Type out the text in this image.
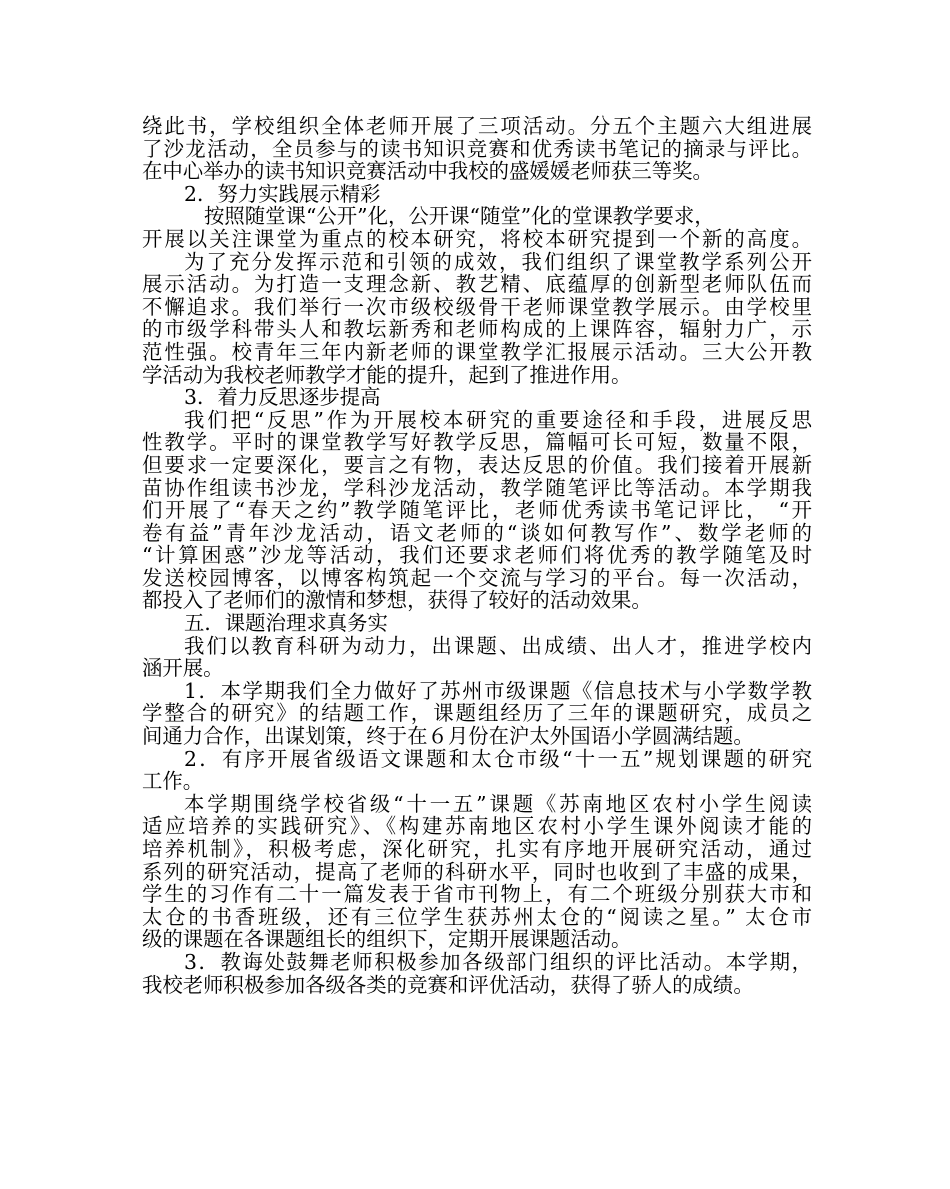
绕此书，学校组织全体老师开展了三项活动。分五个主题六大组进展
了沙龙活动，全员参与的读书知识竞赛和优秀读书笔记的摘录与评比。
在中心举办的读书知识竞赛活动中我校的盛媛媛老师获三等奖。
2．努力实践展示精彩
按照随堂课“公开”化，公开课“随堂”化的堂课教学要求，
开展以关注课堂为重点的校本研究，将校本研究提到一个新的高度。
为了充分发挥示范和引领的成效，我们组织了课堂教学系列公开
展示活动。为打造一支理念新、教艺精、底蕴厚的创新型老师队伍而
不懈追求。我们举行一次市级校级骨干老师课堂教学展示。由学校里
的市级学科带头人和教坛新秀和老师构成的上课阵容，辐射力广，示
范性强。校青年三年内新老师的课堂教学汇报展示活动。三大公开教
学活动为我校老师教学才能的提升，起到了推进作用。
3．着力反思逐步提高
我们把“反思”作为开展校本研究的重要途径和手段，进展反思
性教学。平时的课堂教学写好教学反思，篇幅可长可短，数量不限，
但要求一定要深化，要言之有物，表达反思的价值。我们接着开展新
苗协作组读书沙龙，学科沙龙活动，教学随笔评比等活动。本学期我
们开展了“春天之约”教学随笔评比，老师优秀读书笔记评比， “开
卷有益”青年沙龙活动，语文老师的“谈如何教写作”、数学老师的
“计算困惑”沙龙等活动，我们还要求老师们将优秀的教学随笔及时
发送校园博客，以博客构筑起一个交流与学习的平台。每一次活动，
都投入了老师们的激情和梦想，获得了较好的活动效果。
五．课题治理求真务实
我们以教育科研为动力，出课题、出成绩、出人才，推进学校内
涵开展。
1．本学期我们全力做好了苏州市级课题《信息技术与小学数学教
学整合的研究》的结题工作，课题组经历了三年的课题研究，成员之
间通力合作，出谋划策，终于在６月份在沪太外国语小学圆满结题。
2．有序开展省级语文课题和太仓市级“十一五”规划课题的研究
工作。
本学期围绕学校省级“十一五”课题《苏南地区农村小学生阅读
适应培养的实践研究》、《构建苏南地区农村小学生课外阅读才能的
培养机制》，积极考虑，深化研究，扎实有序地开展研究活动，通过
系列的研究活动，提高了老师的科研水平，同时也收到了丰盛的成果，
学生的习作有二十一篇发表于省市刊物上，有二个班级分别获大市和
太仓的书香班级，还有三位学生获苏州太仓的“阅读之星。” 太仓市
级的课题在各课题组长的组织下，定期开展课题活动。
3．教诲处鼓舞老师积极参加各级部门组织的评比活动。本学期，
我校老师积极参加各级各类的竞赛和评优活动，获得了骄人的成绩。
